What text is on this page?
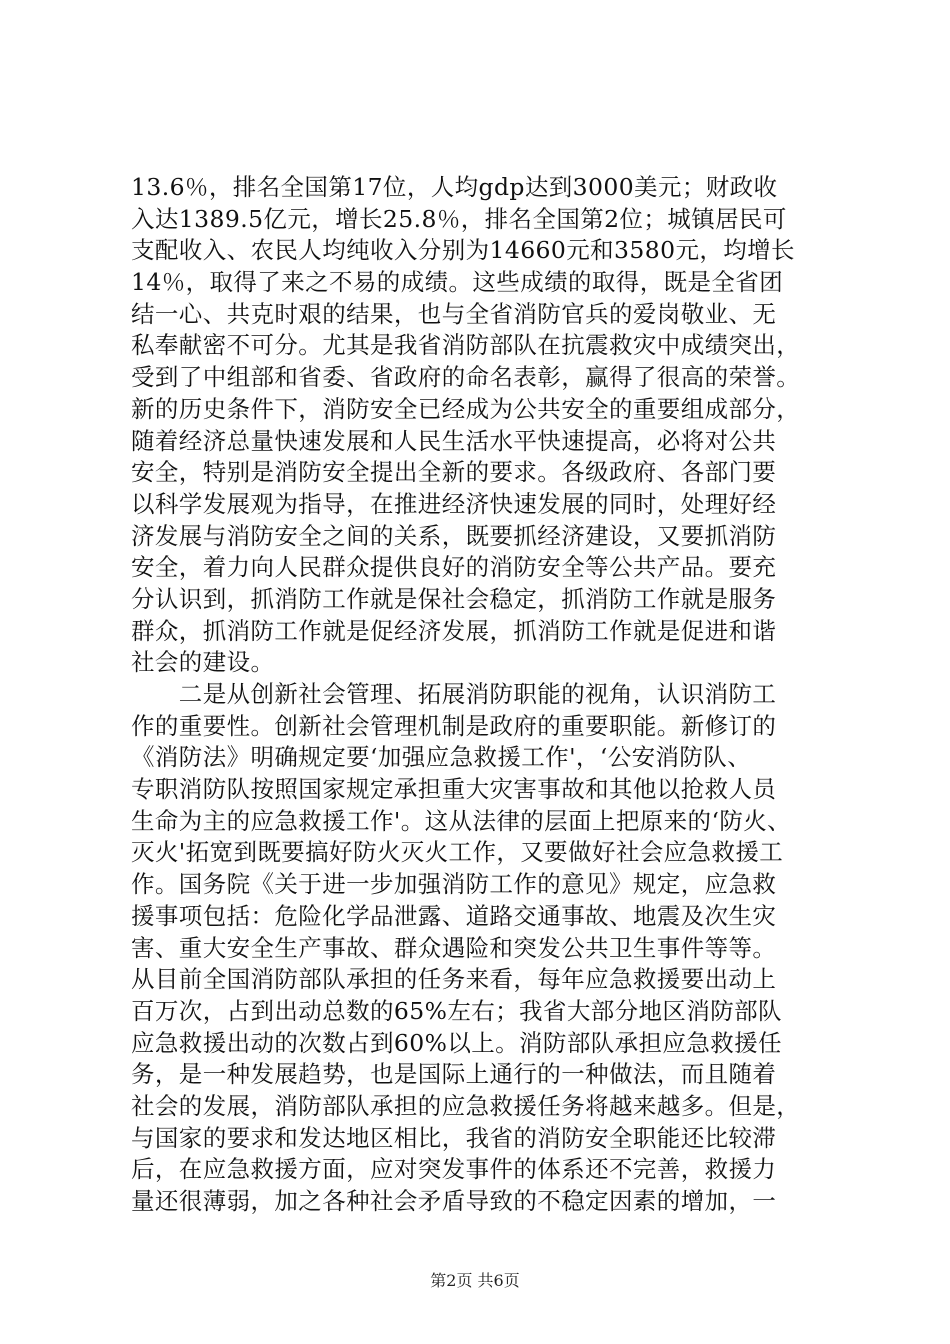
13.6％，排名全国第17位，人均gdp达到3000美元；财政收
入达1389.5亿元，增长25.8％，排名全国第2位；城镇居民可
支配收入、农民人均纯收入分别为14660元和3580元，均增长
14％，取得了来之不易的成绩。这些成绩的取得，既是全省团
结一心、共克时艰的结果，也与全省消防官兵的爱岗敬业、无
私奉献密不可分。尤其是我省消防部队在抗震救灾中成绩突出，
受到了中组部和省委、省政府的命名表彰，赢得了很高的荣誉。
新的历史条件下，消防安全已经成为公共安全的重要组成部分，
随着经济总量快速发展和人民生活水平快速提高，必将对公共
安全，特别是消防安全提出全新的要求。各级政府、各部门要
以科学发展观为指导，在推进经济快速发展的同时，处理好经
济发展与消防安全之间的关系，既要抓经济建设，又要抓消防
安全，着力向人民群众提供良好的消防安全等公共产品。要充
分认识到，抓消防工作就是保社会稳定，抓消防工作就是服务
群众，抓消防工作就是促经济发展，抓消防工作就是促进和谐
社会的建设。
　　二是从创新社会管理、拓展消防职能的视角，认识消防工
作的重要性。创新社会管理机制是政府的重要职能。新修订的
《消防法》明确规定要‘加强应急救援工作'，‘公安消防队、
专职消防队按照国家规定承担重大灾害事故和其他以抢救人员
生命为主的应急救援工作'。这从法律的层面上把原来的‘防火、
灭火'拓宽到既要搞好防火灭火工作，又要做好社会应急救援工
作。国务院《关于进一步加强消防工作的意见》规定，应急救
援事项包括：危险化学品泄露、道路交通事故、地震及次生灾
害、重大安全生产事故、群众遇险和突发公共卫生事件等等。
从目前全国消防部队承担的任务来看，每年应急救援要出动上
百万次，占到出动总数的65%左右；我省大部分地区消防部队
应急救援出动的次数占到60%以上。消防部队承担应急救援任
务，是一种发展趋势，也是国际上通行的一种做法，而且随着
社会的发展，消防部队承担的应急救援任务将越来越多。但是，
与国家的要求和发达地区相比，我省的消防安全职能还比较滞
后，在应急救援方面，应对突发事件的体系还不完善，救援力
量还很薄弱，加之各种社会矛盾导致的不稳定因素的增加，一
第2页 共6页
